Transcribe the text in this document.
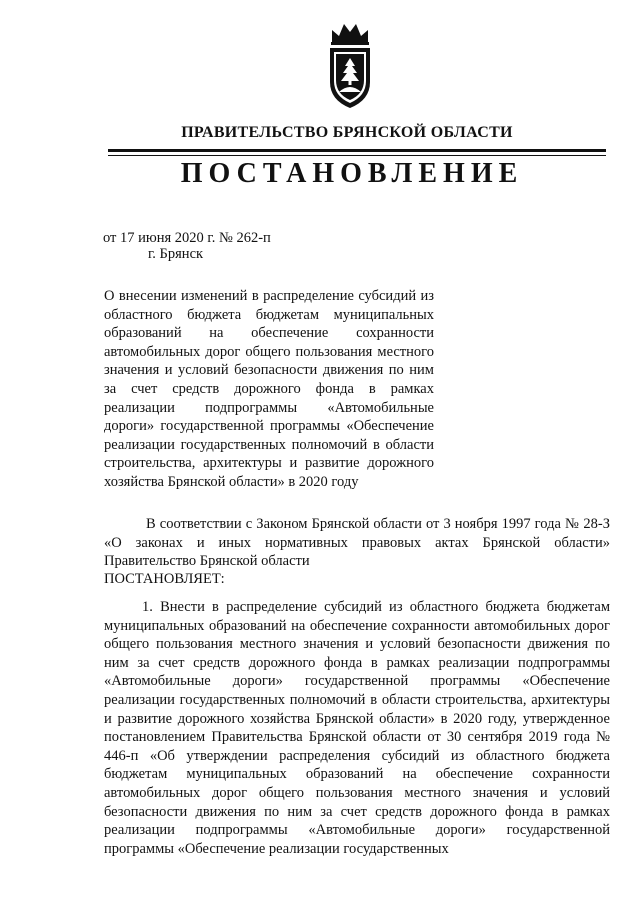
ПРАВИТЕЛЬСТВО БРЯНСКОЙ ОБЛАСТИ
ПОСТАНОВЛЕНИЕ
от 17 июня 2020 г. № 262-п
г. Брянск
О внесении изменений в распределение субсидий из областного бюджета бюджетам муниципальных образований на обеспечение сохранности автомобильных дорог общего пользования местного значения и условий безопасности движения по ним за счет средств дорожного фонда в рамках реализации подпрограммы «Автомобильные дороги» государственной программы «Обеспечение реализации государственных полномочий в области строительства, архитектуры и развитие дорожного хозяйства Брянской области» в 2020 году
В соответствии с Законом Брянской области от 3 ноября 1997 года № 28-З «О законах и иных нормативных правовых актах Брянской области» Правительство Брянской области
ПОСТАНОВЛЯЕТ:
1. Внести в распределение субсидий из областного бюджета бюджетам муниципальных образований на обеспечение сохранности автомобильных дорог общего пользования местного значения и условий безопасности движения по ним за счет средств дорожного фонда в рамках реализации подпрограммы «Автомобильные дороги» государственной программы «Обеспечение реализации государственных полномочий в области строительства, архитектуры и развитие дорожного хозяйства Брянской области» в 2020 году, утвержденное постановлением Правительства Брянской области от 30 сентября 2019 года № 446-п «Об утверждении распределения субсидий из областного бюджета бюджетам муниципальных образований на обеспечение сохранности автомобильных дорог общего пользования местного значения и условий безопасности движения по ним за счет средств дорожного фонда в рамках реализации подпрограммы «Автомобильные дороги» государственной программы «Обеспечение реализации государственных
